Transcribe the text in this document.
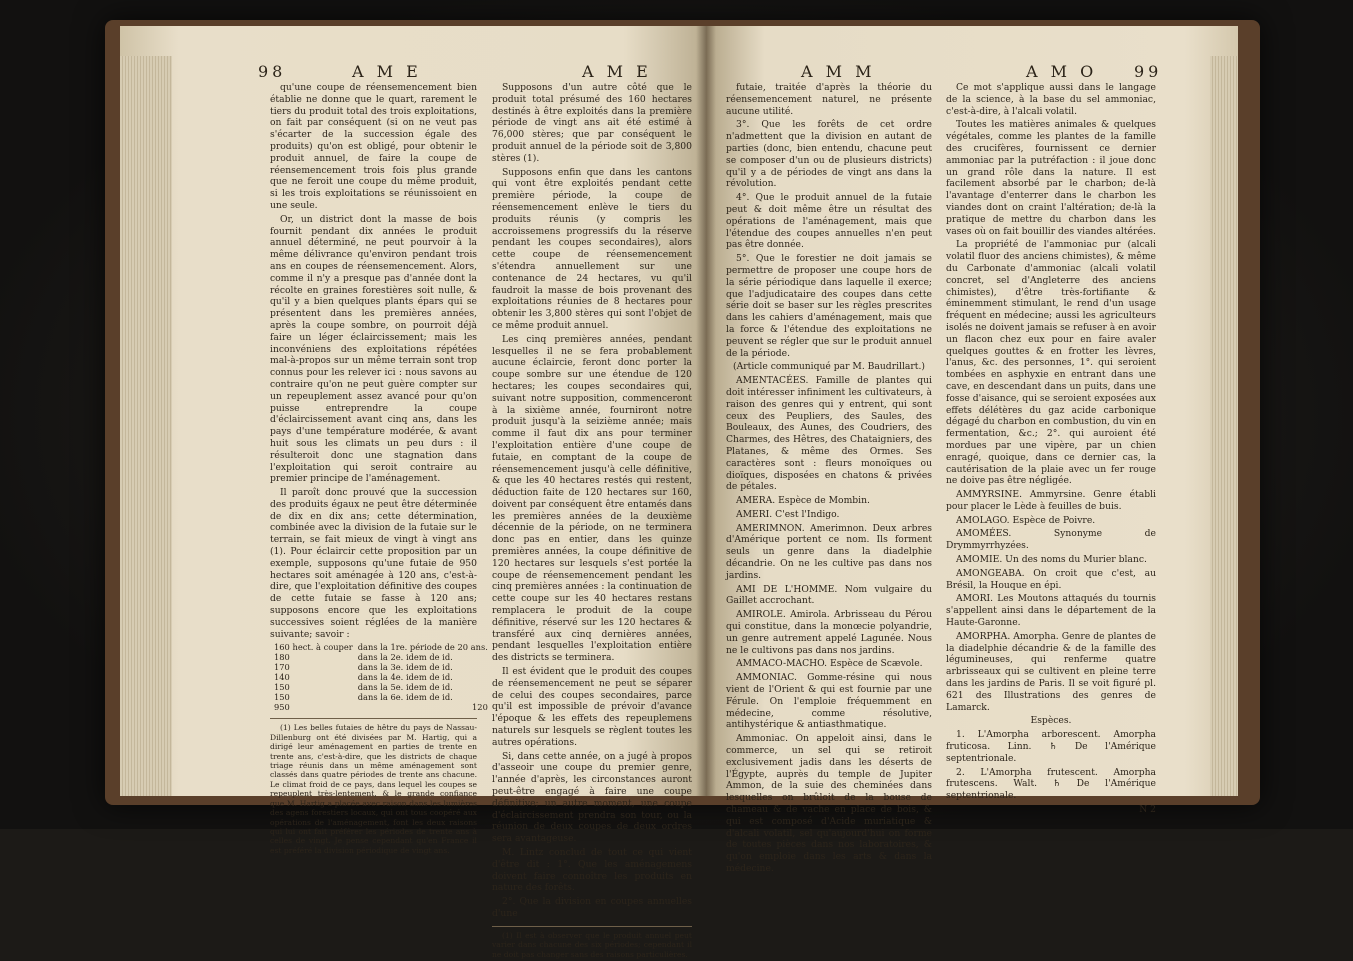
98	A M E	A M E

qu'une coupe de réensemencement bien établie ne donne que le quart, rarement le tiers du produit total des trois exploitations, on fait par conséquent (si on ne veut pas s'écarter de la succession égale des produits) qu'on est obligé, pour obtenir le produit annuel, de faire la coupe de réensemencement trois fois plus grande que ne feroit une coupe du même produit, si les trois exploitations se réunissoient en une seule.

Or, un district dont la masse de bois fournit pendant dix années le produit annuel déterminé, ne peut pourvoir à la même délivrance qu'environ pendant trois ans en coupes de réensemencement. Alors, comme il n'y a presque pas d'année dont la récolte en graines forestières soit nulle, & qu'il y a bien quelques plants épars qui se présentent dans les premières années, après la coupe sombre, on pourroit déjà faire un léger éclaircissement; mais les inconvéniens des exploitations répétées mal-à-propos sur un même terrain sont trop connus pour les relever ici : nous savons au contraire qu'on ne peut guère compter sur un repeuplement assez avancé pour qu'on puisse entreprendre la coupe d'éclaircissement avant cinq ans, dans les pays d'une température modérée, & avant huit sous les climats un peu durs : il résulteroit donc une stagnation dans l'exploitation qui seroit contraire au premier principe de l'aménagement.

Il paroît donc prouvé que la succession des produits égaux ne peut être déterminée de dix en dix ans; cette détermination, combinée avec la division de la futaie sur le terrain, se fait mieux de vingt à vingt ans (1). Pour éclaircir cette proposition par un exemple, supposons qu'une futaie de 950 hectares soit aménagée à 120 ans, c'est-à-dire, que l'exploitation définitive des coupes de cette futaie se fasse à 120 ans; supposons encore que les exploitations successives soient réglées de la manière suivante; savoir :

160 hect. à couper	dans la 1re. période de 20 ans.
180	dans la 2e. idem de id.
170	dans la 3e. idem de id.
140	dans la 4e. idem de id.
150	dans la 5e. idem de id.
150	dans la 6e. idem de id.
950	120

(1) Les belles futaies de hêtre du pays de Nassau-Dillenburg ont été divisées par M. Hartig, qui a dirigé leur aménagement en parties de trente en trente ans, c'est-à-dire, que les districts de chaque triage réunis dans un même aménagement sont classés dans quatre périodes de trente ans chacune. Le climat froid de ce pays, dans lequel les coupes se repeuplent très-lentement, & le grande confiance que M. Hartig a placée avec raison dans les lumières des agens forestiers locaux, qui ont tous coopéré aux opérations de l'aménagement, font les deux raisons qui lui ont fait préférer les périodes de trente ans à celles de vingt. Je pense cependant qu'en France il est préféré la division périodique de vingt ans.

Supposons d'un autre côté que le produit total présumé des 160 hectares destinés à être exploités dans la première période de vingt ans ait été estimé à 76,000 stères; que par conséquent le produit annuel de la période soit de 3,800 stères (1).

Supposons enfin que dans les cantons qui vont être exploités pendant cette première période, la coupe de réensemencement enlève le tiers du produits réunis (y compris les accroissemens progressifs du la réserve pendant les coupes secondaires), alors cette coupe de réensemencement s'étendra annuellement sur une contenance de 24 hectares, vu qu'il faudroit la masse de bois provenant des exploitations réunies de 8 hectares pour obtenir les 3,800 stères qui sont l'objet de ce même produit annuel.

Les cinq premières années, pendant lesquelles il ne se fera probablement aucune éclaircie, feront donc porter la coupe sombre sur une étendue de 120 hectares; les coupes secondaires qui, suivant notre supposition, commenceront à la sixième année, fourniront notre produit jusqu'à la seizième année; mais comme il faut dix ans pour terminer l'exploitation entière d'une coupe de futaie, en comptant de la coupe de réensemencement jusqu'à celle définitive, & que les 40 hectares restés qui restent, déduction faite de 120 hectares sur 160, doivent par conséquent être entamés dans les premières années de la deuxième décennie de la période, on ne terminera donc pas en entier, dans les quinze premières années, la coupe définitive de 120 hectares sur lesquels s'est portée la coupe de réensemencement pendant les cinq premières années : la continuation de cette coupe sur les 40 hectares restans remplacera le produit de la coupe définitive, réservé sur les 120 hectares & transféré aux cinq dernières années, pendant lesquelles l'exploitation entière des districts se terminera.

Il est évident que le produit des coupes de réensemencement ne peut se séparer de celui des coupes secondaires, parce qu'il est impossible de prévoir d'avance l'époque & les effets des repeuplemens naturels sur lesquels se règlent toutes les autres opérations.

Si, dans cette année, on a jugé à propos d'asseoir une coupe du premier genre, l'année d'après, les circonstances auront peut-être engagé à faire une coupe définitive; un autre moment, une coupe d'éclaircissement prendra son tour, ou la réunion de deux coupes de deux ordres sera avantageuse.

M. Lintz conclud de tout ce qui vient d'être dit : 1°. Que les aménagemens doivent faire connoître les produits en nature des forêts.

2°. Que la division en coupes annuelles d'une

(1) Il est à observer que le produit annuel peut varier dans chacune des six périodes; cependant il ne doit pas changer sans des raisons particulières.

A M M	A M O 99

futaie, traitée d'après la théorie du réensemencement naturel, ne présente aucune utilité.

3°. Que les forêts de cet ordre n'admettent que la division en autant de parties (donc, bien entendu, chacune peut se composer d'un ou de plusieurs districts) qu'il y a de périodes de vingt ans dans la révolution.

4°. Que le produit annuel de la futaie peut & doit même être un résultat des opérations de l'aménagement, mais que l'étendue des coupes annuelles n'en peut pas être donnée.

5°. Que le forestier ne doit jamais se permettre de proposer une coupe hors de la série périodique dans laquelle il exerce; que l'adjudicataire des coupes dans cette série doit se baser sur les règles prescrites dans les cahiers d'aménagement, mais que la force & l'étendue des exploitations ne peuvent se régler que sur le produit annuel de la période.

(Article communiqué par M. Baudrillart.)

AMENTACÉES. Famille de plantes qui doit intéresser infiniment les cultivateurs, à raison des genres qui y entrent, qui sont ceux des Peupliers, des Saules, des Bouleaux, des Aunes, des Coudriers, des Charmes, des Hêtres, des Chataigniers, des Platanes, & même des Ormes. Ses caractères sont : fleurs monoïques ou dioïques, disposées en chatons & privées de pétales.

AMERA. Espèce de Mombin.

AMERI. C'est l'Indigo.

AMERIMNON. Amerimnon. Deux arbres d'Amérique portent ce nom. Ils forment seuls un genre dans la diadelphie décandrie. On ne les cultive pas dans nos jardins.

AMI DE L'HOMME. Nom vulgaire du Gaillet accrochant.

AMIROLE. Amirola. Arbrisseau du Pérou qui constitue, dans la monœcie polyandrie, un genre autrement appelé Lagunée. Nous ne le cultivons pas dans nos jardins.

AMMACO-MACHO. Espèce de Scævole.

AMMONIAC. Gomme-résine qui nous vient de l'Orient & qui est fournie par une Férule. On l'emploie fréquemment en médecine, comme résolutive, antihystérique & antiasthmatique.

Ammoniac. On appeloit ainsi, dans le commerce, un sel qui se retiroit exclusivement jadis dans les déserts de l'Égypte, auprès du temple de Jupiter Ammon, de la suie des cheminées dans lesquelles on brûloit de la bouse de chameau & de vache en place de bois, & qui est composé d'Acide muriatique & d'alcali volatil, sel qu'aujourd'hui on forme de toutes pièces dans nos laboratoires, & qu'on emploie dans les arts & dans la médecine.

Ce mot s'applique aussi dans le langage de la science, à la base du sel ammoniac, c'est-à-dire, à l'alcali volatil.

Toutes les matières animales & quelques végétales, comme les plantes de la famille des crucifères, fournissent ce dernier ammoniac par la putréfaction : il joue donc un grand rôle dans la nature. Il est facilement absorbé par le charbon; de-là l'avantage d'enterrer dans le charbon les viandes dont on craint l'altération; de-là la pratique de mettre du charbon dans les vases où on fait bouillir des viandes altérées.

La propriété de l'ammoniac pur (alcali volatil fluor des anciens chimistes), & même du Carbonate d'ammoniac (alcali volatil concret, sel d'Angleterre des anciens chimistes), d'être très-fortifiante & éminemment stimulant, le rend d'un usage fréquent en médecine; aussi les agriculteurs isolés ne doivent jamais se refuser à en avoir un flacon chez eux pour en faire avaler quelques gouttes & en frotter les lèvres, l'anus, &c. des personnes, 1°. qui seroient tombées en asphyxie en entrant dans une cave, en descendant dans un puits, dans une fosse d'aisance, qui se seroient exposées aux effets délétères du gaz acide carbonique dégagé du charbon en combustion, du vin en fermentation, &c.; 2°. qui auroient été mordues par une vipère, par un chien enragé, quoique, dans ce dernier cas, la cautérisation de la plaie avec un fer rouge ne doive pas être négligée.

AMMYRSINE. Ammyrsine. Genre établi pour placer le Lède à feuilles de buis.

AMOLAGO. Espèce de Poivre.

AMOMÉES. Synonyme de Drymmyrrhyzées.

AMOMIE. Un des noms du Murier blanc.

AMONGEABA. On croit que c'est, au Brésil, la Houque en épi.

AMORI. Les Moutons attaqués du tournis s'appellent ainsi dans le département de la Haute-Garonne.

AMORPHA. Amorpha. Genre de plantes de la diadelphie décandrie & de la famille des légumineuses, qui renferme quatre arbrisseaux qui se cultivent en pleine terre dans les jardins de Paris. Il se voit figuré pl. 621 des Illustrations des genres de Lamarck.

Espèces.

1. L'Amorpha arborescent. Amorpha fruticosa. Linn. ♄ De l'Amérique septentrionale.

2. L'Amorpha frutescent. Amorpha frutescens. Walt. ♄ De l'Amérique septentrionale.

N 2
